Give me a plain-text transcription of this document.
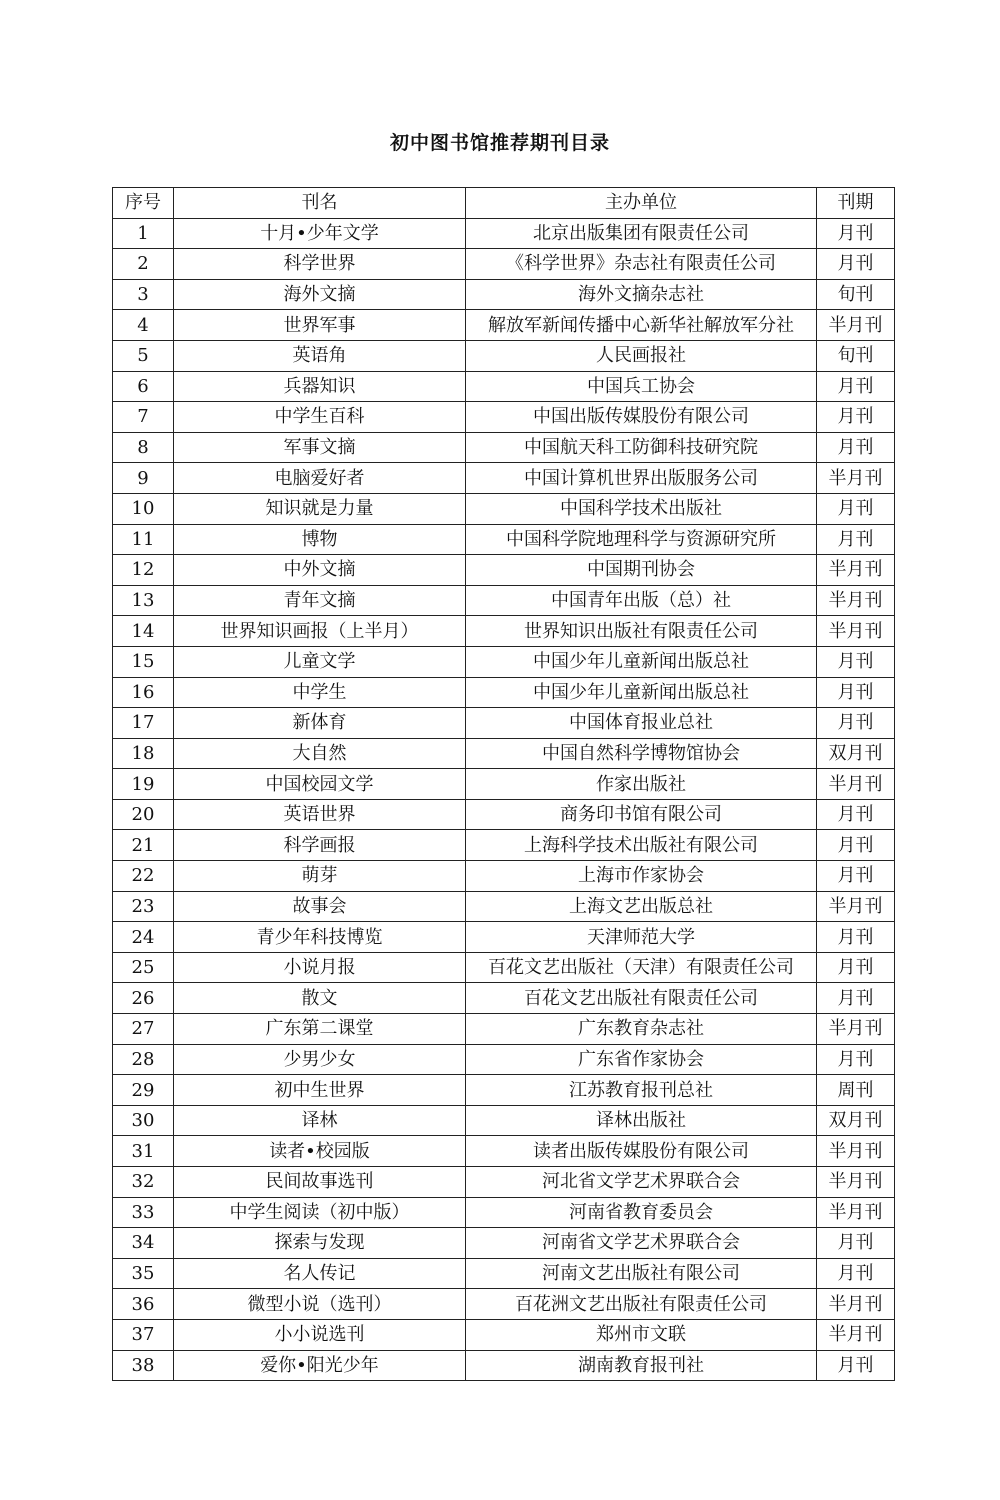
初中图书馆推荐期刊目录
序号	刊名	主办单位	刊期
1	十月•少年文学	北京出版集团有限责任公司	月刊
2	科学世界	《科学世界》杂志社有限责任公司	月刊
3	海外文摘	海外文摘杂志社	旬刊
4	世界军事	解放军新闻传播中心新华社解放军分社	半月刊
5	英语角	人民画报社	旬刊
6	兵器知识	中国兵工协会	月刊
7	中学生百科	中国出版传媒股份有限公司	月刊
8	军事文摘	中国航天科工防御科技研究院	月刊
9	电脑爱好者	中国计算机世界出版服务公司	半月刊
10	知识就是力量	中国科学技术出版社	月刊
11	博物	中国科学院地理科学与资源研究所	月刊
12	中外文摘	中国期刊协会	半月刊
13	青年文摘	中国青年出版（总）社	半月刊
14	世界知识画报（上半月）	世界知识出版社有限责任公司	半月刊
15	儿童文学	中国少年儿童新闻出版总社	月刊
16	中学生	中国少年儿童新闻出版总社	月刊
17	新体育	中国体育报业总社	月刊
18	大自然	中国自然科学博物馆协会	双月刊
19	中国校园文学	作家出版社	半月刊
20	英语世界	商务印书馆有限公司	月刊
21	科学画报	上海科学技术出版社有限公司	月刊
22	萌芽	上海市作家协会	月刊
23	故事会	上海文艺出版总社	半月刊
24	青少年科技博览	天津师范大学	月刊
25	小说月报	百花文艺出版社（天津）有限责任公司	月刊
26	散文	百花文艺出版社有限责任公司	月刊
27	广东第二课堂	广东教育杂志社	半月刊
28	少男少女	广东省作家协会	月刊
29	初中生世界	江苏教育报刊总社	周刊
30	译林	译林出版社	双月刊
31	读者•校园版	读者出版传媒股份有限公司	半月刊
32	民间故事选刊	河北省文学艺术界联合会	半月刊
33	中学生阅读（初中版）	河南省教育委员会	半月刊
34	探索与发现	河南省文学艺术界联合会	月刊
35	名人传记	河南文艺出版社有限公司	月刊
36	微型小说（选刊）	百花洲文艺出版社有限责任公司	半月刊
37	小小说选刊	郑州市文联	半月刊
38	爱你•阳光少年	湖南教育报刊社	月刊
